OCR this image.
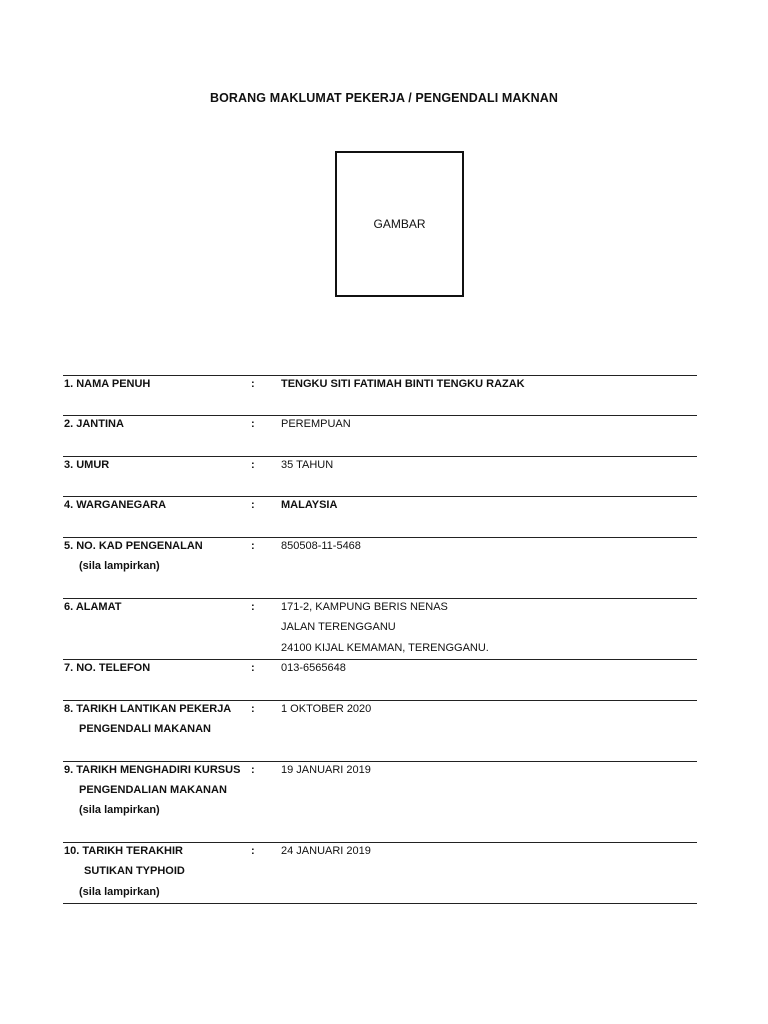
BORANG MAKLUMAT PEKERJA / PENGENDALI MAKNAN
GAMBAR
1. NAMA PENUH	: TENGKU SITI FATIMAH BINTI TENGKU RAZAK
2. JANTINA	: PEREMPUAN
3. UMUR	: 35 TAHUN
4. WARGANEGARA	: MALAYSIA
5. NO. KAD PENGENALAN
(sila lampirkan)
: 850508-11-5468
6. ALAMAT	: 171-2, KAMPUNG BERIS NENAS
JALAN TERENGGANU
24100 KIJAL KEMAMAN, TERENGGANU.
7. NO. TELEFON	: 013-6565648
8. TARIKH LANTIKAN PEKERJA
PENGENDALI MAKANAN
: 1 OKTOBER 2020
9. TARIKH MENGHADIRI KURSUS
PENGENDALIAN MAKANAN
(sila lampirkan)
: 19 JANUARI 2019
10. TARIKH TERAKHIR
SUTIKAN TYPHOID
(sila lampirkan)
: 24 JANUARI 2019
